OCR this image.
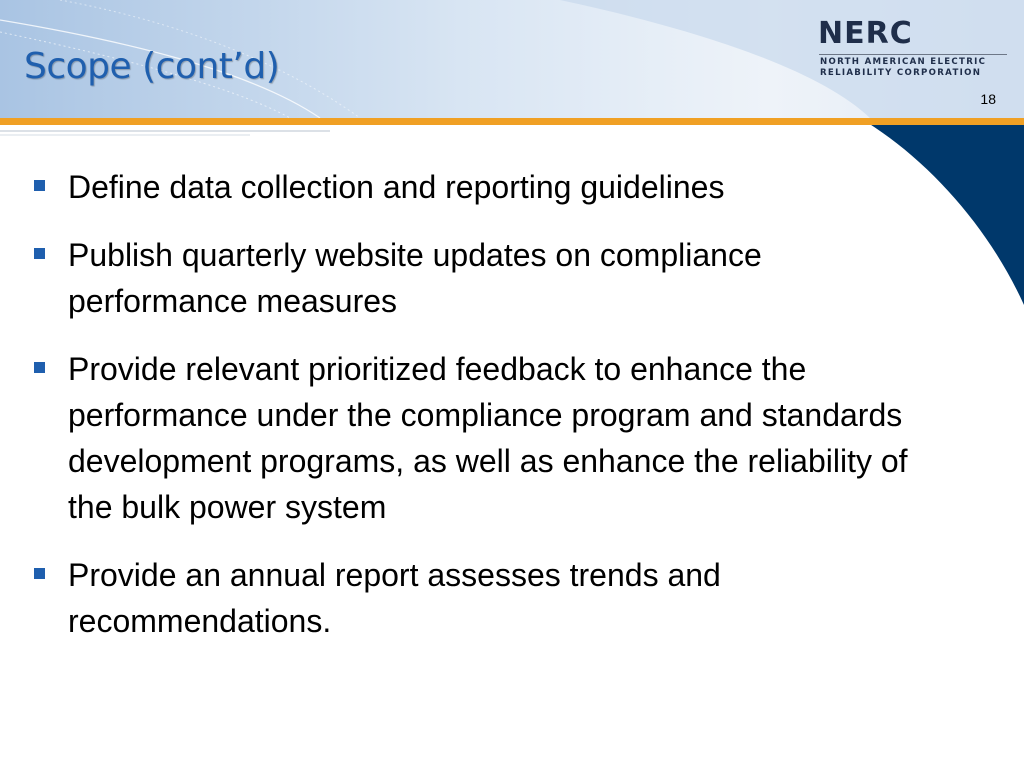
Scope (cont’d)
NERC
NORTH AMERICAN ELECTRIC
RELIABILITY CORPORATION
18
Define data collection and reporting guidelines
Publish quarterly website updates on compliance performance measures
Provide relevant prioritized feedback to enhance the performance under the compliance program and standards development programs, as well as enhance the reliability of the bulk power system
Provide an annual report assesses trends and recommendations.
